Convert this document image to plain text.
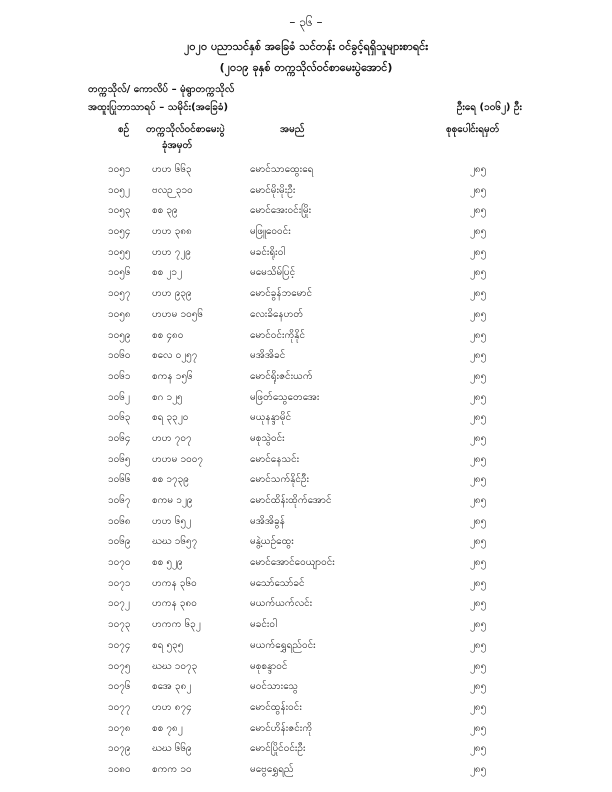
– ၃၆ –
၂၀၂၀ ပညာသင်နှစ် အခြေခံ သင်တန်း ဝင်ခွင့်ရရှိသူများစာရင်း
(၂၀၁၉ ခုနှစ် တက္ကသိုလ်ဝင်စာမေးပွဲအောင်)
တက္ကသိုလ်/ ကောလိပ် – မုံရွာတက္ကသိုလ်
အထူးပြုဘာသာရပ် – သမိုင်း(အခြေခံ)	ဦးရေ (၁၀၆၂) ဦး
စဉ် တက္ကသိုလ်ဝင်စာမေးပွဲ
ခုံအမှတ်
အမည်	စုစုပေါင်းရမှတ်
၁၀၅၁ ဟဟ ၆၆၃	မောင်သာထွေးရေ	၂၈၅
၁၀၅၂ ဗလဉ ၃၁၀	မောင်မိုးမိုးဦး	၂၈၅
၁၀၅၃ စစ ၃၉	မောင်အေးဝင်းမြိုး	၂၈၅
၁၀၅၄ ဟဟ ၃၈၈	မဖြူဝေဝင်း	၂၈၅
၁၀၅၅ ဟဟ ၇၂၉	မခင်းရိုးဝါ	၂၈၅
၁၀၅၆ စစ ၂၁၂	မမေသိမ်ပြင့်	၂၈၅
၁၀၅၇ ဟဟ ၉၃၉	မောင်ခွန်ဘမောင်	၂၈၅
၁၀၅၈ ဟဟမ ၁၀၅၆	လေးခိနေဟတ်	၂၈၅
၁၀၅၉ စစ ၄၈၀	မောင်ဝင်းကိုနိုင်	၂၈၅
၁၀၆၀ စလေ ၀၂၅၇	မအိအိခင်	၂၈၅
၁၀၆၁ စကန ၁၅၆	မောင်ရိုးဇင်းယက်	၂၈၅
၁၀၆၂ စဂ ၁၂၅	မဖြတ်သွေတေအေး	၂၈၅
၁၀၆၃ စရ ၃၃၂၀	မယုနန္ဒာမိုင်	၂၈၅
၁၀၆၄ ဟဟ ၇၀၇	မစုသွဲဝင်း	၂၈၅
၁၀၆၅ ဟဟမ ၁၀၀၇	မောင်နေသင်း	၂၈၅
၁၀၆၆ စစ ၁၇၃၉	မောင်သက်နိုင်ဦး	၂၈၅
၁၀၆၇ စကမ ၁၂၉	မောင်ထိန်းထိုက်အောင်	၂၈၅
၁၀၆၈ ဟဟ ၆၅၂	မအိအိခွန်	၂၈၅
၁၀၆၉ ဃဃ ၁၆၅၇	မနွဲ့ယဉ်ထွေး	၂၈၅
၁၀၇၀ စစ ၅၂၉	မောင်အောင်ဝေယျာဝင်း	၂၈၅
၁၀၇၁ ဟကန ၃၆၀	မသော်သော်ခင်	၂၈၅
၁၀၇၂ ဟကန ၃၈၀	မယက်ယက်လင်း	၂၈၅
၁၀၇၃ ဟကက ၆၃၂	မခင်းဝါ	၂၈၅
၁၀၇၄ စရ ၅၃၅	မယက်ရွှေရည်ဝင်း	၂၈၅
၁၀၇၅ ဃဃ ၁၀၇၃	မစုစန္ဒာဝင်	၂၈၅
၁၀၇၆ စအေ ၃၈၂	မဝင်သားသွေ	၂၈၅
၁၀၇၇ ဟဟ ၈၇၄	မောင်ထွန်းဝင်း	၂၈၅
၁၀၇၈ စစ ၇၈၂	မောင်ဟိန်းဇင်းကို	၂၈၅
၁၀၇၉ ဃဃ ၆၆၉	မောင်ပြိုင်ဝင်းဦး	၂၈၅
၁၀၈၀ စကက ၁၀	မဗွေရွှေရည်	၂၈၅
